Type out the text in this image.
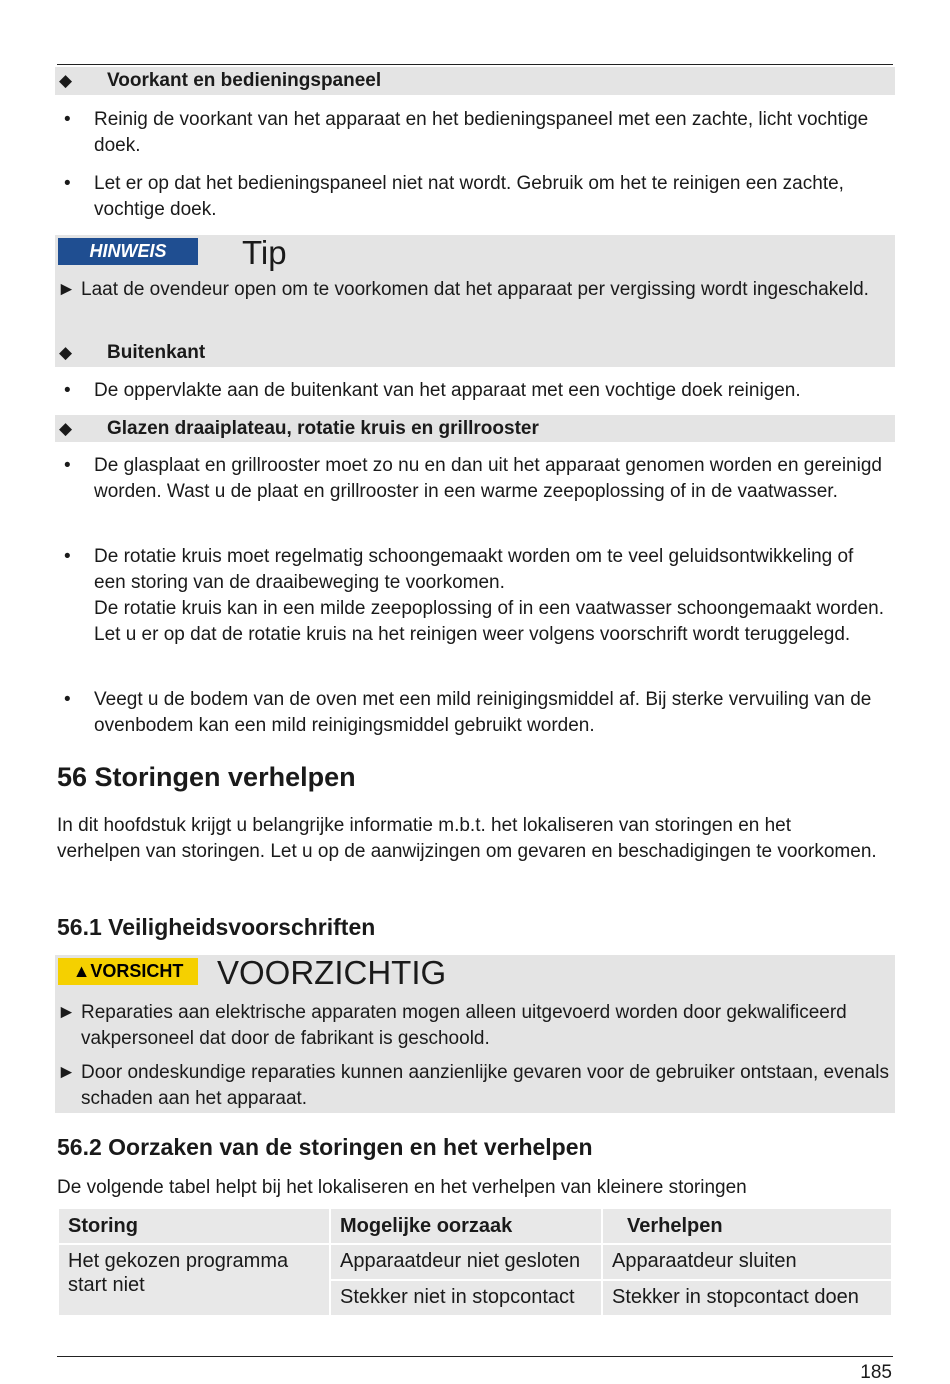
◆ Voorkant en bedieningspaneel
• Reinig de voorkant van het apparaat en het bedieningspaneel met een zachte, licht vochtige doek.
• Let er op dat het bedieningspaneel niet nat wordt. Gebruik om het te reinigen een zachte, vochtige doek.
HINWEIS	Tip
► Laat de ovendeur open om te voorkomen dat het apparaat per vergissing wordt ingeschakeld.
◆ Buitenkant
• De oppervlakte aan de buitenkant van het apparaat met een vochtige doek reinigen.
◆ Glazen draaiplateau, rotatie kruis en grillrooster
• De glasplaat en grillrooster moet zo nu en dan uit het apparaat genomen worden en gereinigd worden. Wast u de plaat en grillrooster in een warme zeepoplossing of in de vaatwasser.
• De rotatie kruis moet regelmatig schoongemaakt worden om te veel geluidsontwikkeling of een storing van de draaibeweging te voorkomen.
De rotatie kruis kan in een milde zeepoplossing of in een vaatwasser schoongemaakt worden. Let u er op dat de rotatie kruis na het reinigen weer volgens voorschrift wordt teruggelegd.
• Veegt u de bodem van de oven met een mild reinigingsmiddel af. Bij sterke vervuiling van de ovenbodem kan een mild reinigingsmiddel gebruikt worden.
56 Storingen verhelpen
In dit hoofdstuk krijgt u belangrijke informatie m.b.t. het lokaliseren van storingen en het verhelpen van storingen. Let u op de aanwijzingen om gevaren en beschadigingen te voorkomen.
56.1 Veiligheidsvoorschriften
▲VORSICHT	VOORZICHTIG
► Reparaties aan elektrische apparaten mogen alleen uitgevoerd worden door gekwalificeerd vakpersoneel dat door de fabrikant is geschoold.
► Door ondeskundige reparaties kunnen aanzienlijke gevaren voor de gebruiker ontstaan, evenals schaden aan het apparaat.
56.2 Oorzaken van de storingen en het verhelpen
De volgende tabel helpt bij het lokaliseren en het verhelpen van kleinere storingen
Storing	Mogelijke oorzaak	Verhelpen
Het gekozen programma start niet	Apparaatdeur niet gesloten	Apparaatdeur sluiten
	Stekker niet in stopcontact	Stekker in stopcontact doen
185
